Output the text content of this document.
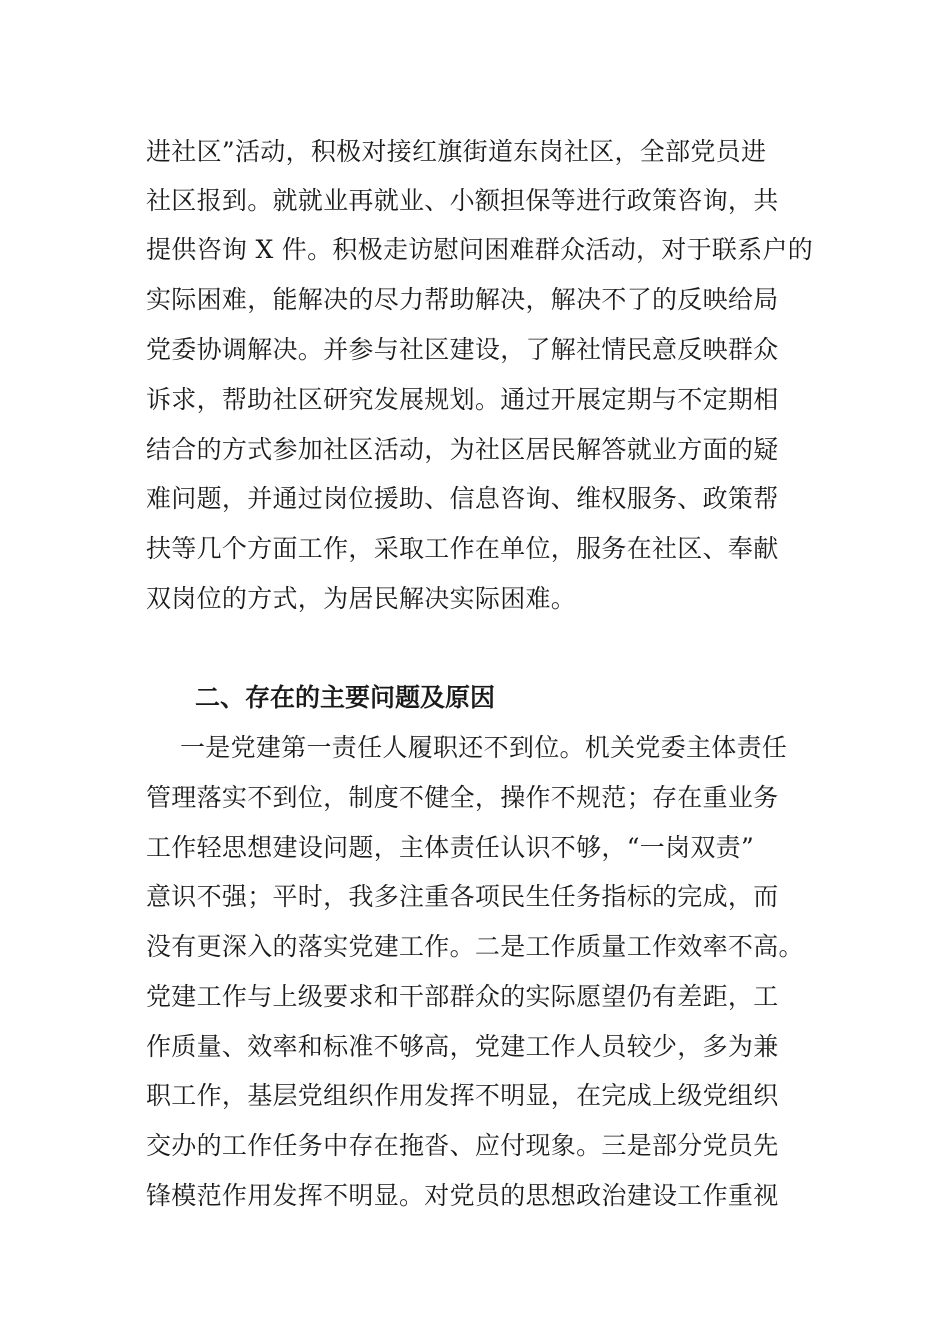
进社区”活动，积极对接红旗街道东岗社区，全部党员进
社区报到。就就业再就业、小额担保等进行政策咨询，共
提供咨询 X 件。积极走访慰问困难群众活动，对于联系户的
实际困难，能解决的尽力帮助解决，解决不了的反映给局
党委协调解决。并参与社区建设，了解社情民意反映群众
诉求，帮助社区研究发展规划。通过开展定期与不定期相
结合的方式参加社区活动，为社区居民解答就业方面的疑
难问题，并通过岗位援助、信息咨询、维权服务、政策帮
扶等几个方面工作，采取工作在单位，服务在社区、奉献
双岗位的方式，为居民解决实际困难。
二、存在的主要问题及原因
一是党建第一责任人履职还不到位。机关党委主体责任
管理落实不到位，制度不健全，操作不规范；存在重业务
工作轻思想建设问题，主体责任认识不够，“一岗双责”
意识不强；平时，我多注重各项民生任务指标的完成，而
没有更深入的落实党建工作。二是工作质量工作效率不高。
党建工作与上级要求和干部群众的实际愿望仍有差距，工
作质量、效率和标准不够高，党建工作人员较少，多为兼
职工作，基层党组织作用发挥不明显，在完成上级党组织
交办的工作任务中存在拖沓、应付现象。三是部分党员先
锋模范作用发挥不明显。对党员的思想政治建设工作重视
